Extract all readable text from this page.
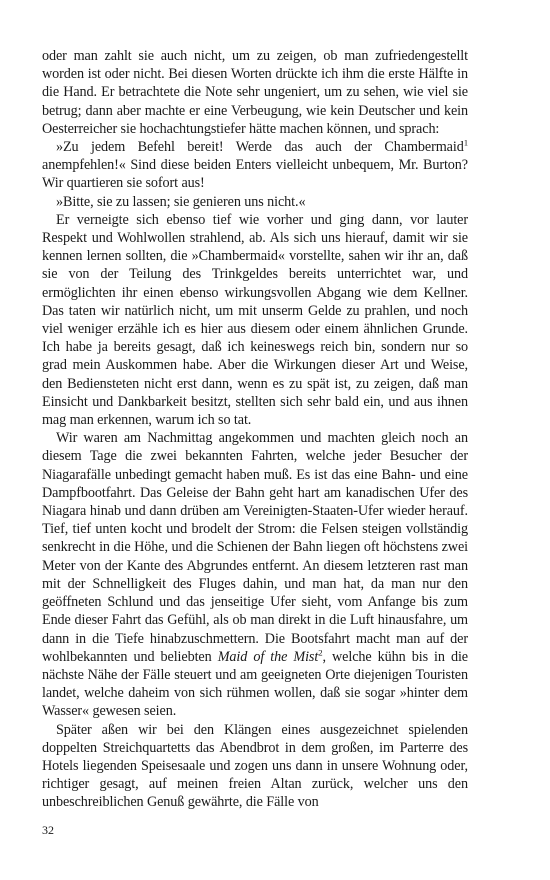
oder man zahlt sie auch nicht, um zu zeigen, ob man zufriedengestellt worden ist oder nicht. Bei diesen Worten drückte ich ihm die erste Hälfte in die Hand. Er betrachtete die Note sehr ungeniert, um zu sehen, wie viel sie betrug; dann aber machte er eine Verbeugung, wie kein Deutscher und kein Oesterreicher sie hochachtungstiefer hätte machen können, und sprach:

»Zu jedem Befehl bereit! Werde das auch der Chambermaid$^1$ anempfehlen!« Sind diese beiden Enters vielleicht unbequem, Mr. Burton? Wir quartieren sie sofort aus!

»Bitte, sie zu lassen; sie genieren uns nicht.«

Er verneigte sich ebenso tief wie vorher und ging dann, vor lauter Respekt und Wohlwollen strahlend, ab. Als sich uns hierauf, damit wir sie kennen lernen sollten, die »Chambermaid« vorstellte, sahen wir ihr an, daß sie von der Teilung des Trinkgeldes bereits unterrichtet war, und ermöglichten ihr einen ebenso wirkungsvollen Abgang wie dem Kellner. Das taten wir natürlich nicht, um mit unserm Gelde zu prahlen, und noch viel weniger erzähle ich es hier aus diesem oder einem ähnlichen Grunde. Ich habe ja bereits gesagt, daß ich keineswegs reich bin, sondern nur so grad mein Auskommen habe. Aber die Wirkungen dieser Art und Weise, den Bediensteten nicht erst dann, wenn es zu spät ist, zu zeigen, daß man Einsicht und Dankbarkeit besitzt, stellten sich sehr bald ein, und aus ihnen mag man erkennen, warum ich so tat.

Wir waren am Nachmittag angekommen und machten gleich noch an diesem Tage die zwei bekannten Fahrten, welche jeder Besucher der Niagarafälle unbedingt gemacht haben muß. Es ist das eine Bahn- und eine Dampfbootfahrt. Das Geleise der Bahn geht hart am kanadischen Ufer des Niagara hinab und dann drüben am Vereinigten-Staaten-Ufer wieder herauf. Tief, tief unten kocht und brodelt der Strom: die Felsen steigen vollständig senkrecht in die Höhe, und die Schienen der Bahn liegen oft höchstens zwei Meter von der Kante des Abgrundes entfernt. An diesem letzteren rast man mit der Schnelligkeit des Fluges dahin, und man hat, da man nur den geöffneten Schlund und das jenseitige Ufer sieht, vom Anfange bis zum Ende dieser Fahrt das Gefühl, als ob man direkt in die Luft hinausfahre, um dann in die Tiefe hinabzuschmettern. Die Bootsfahrt macht man auf der wohlbekannten und beliebten Maid of the Mist$^2$, welche kühn bis in die nächste Nähe der Fälle steuert und am geeigneten Orte diejenigen Touristen landet, welche daheim von sich rühmen wollen, daß sie sogar »hinter dem Wasser« gewesen seien.

Später aßen wir bei den Klängen eines ausgezeichnet spielenden doppelten Streichquartetts das Abendbrot in dem großen, im Parterre des Hotels liegenden Speisesaale und zogen uns dann in unsere Wohnung oder, richtiger gesagt, auf meinen freien Altan zurück, welcher uns den unbeschreiblichen Genuß gewährte, die Fälle von

32
